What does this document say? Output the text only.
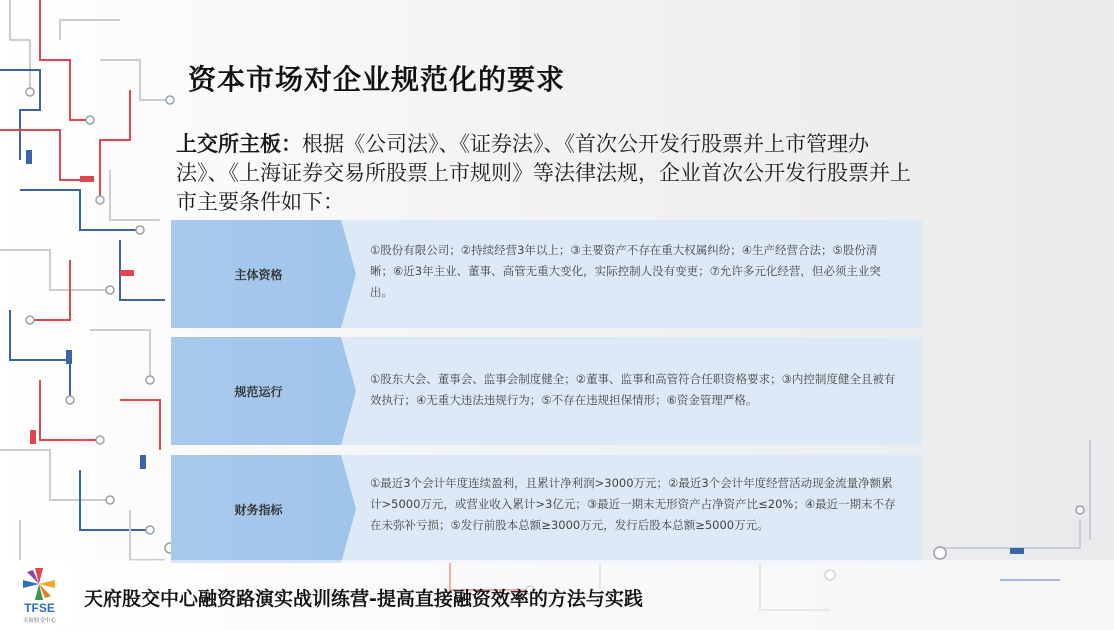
资本市场对企业规范化的要求
上交所主板：根据《公司法》、《证券法》、《首次公开发行股票并上市管理办法》、《上海证券交易所股票上市规则》等法律法规，企业首次公开发行股票并上市主要条件如下：
主体资格
①股份有限公司；②持续经营3年以上；③主要资产不存在重大权属纠纷；④生产经营合法；⑤股份清晰；⑥近3年主业、董事、高管无重大变化，实际控制人没有变更；⑦允许多元化经营，但必须主业突出。
规范运行
①股东大会、董事会、监事会制度健全；②董事、监事和高管符合任职资格要求；③内控制度健全且被有效执行；④无重大违法违规行为；⑤不存在违规担保情形；⑥资金管理严格。
财务指标
①最近3个会计年度连续盈利，且累计净利润>3000万元；②最近3个会计年度经营活动现金流量净额累计>5000万元，或营业收入累计>3亿元；③最近一期末无形资产占净资产比≤20%；④最近一期末不存在未弥补亏损；⑤发行前股本总额≥3000万元，发行后股本总额≥5000万元。
TFSE
天府股交中心
天府股交中心融资路演实战训练营-提高直接融资效率的方法与实践
